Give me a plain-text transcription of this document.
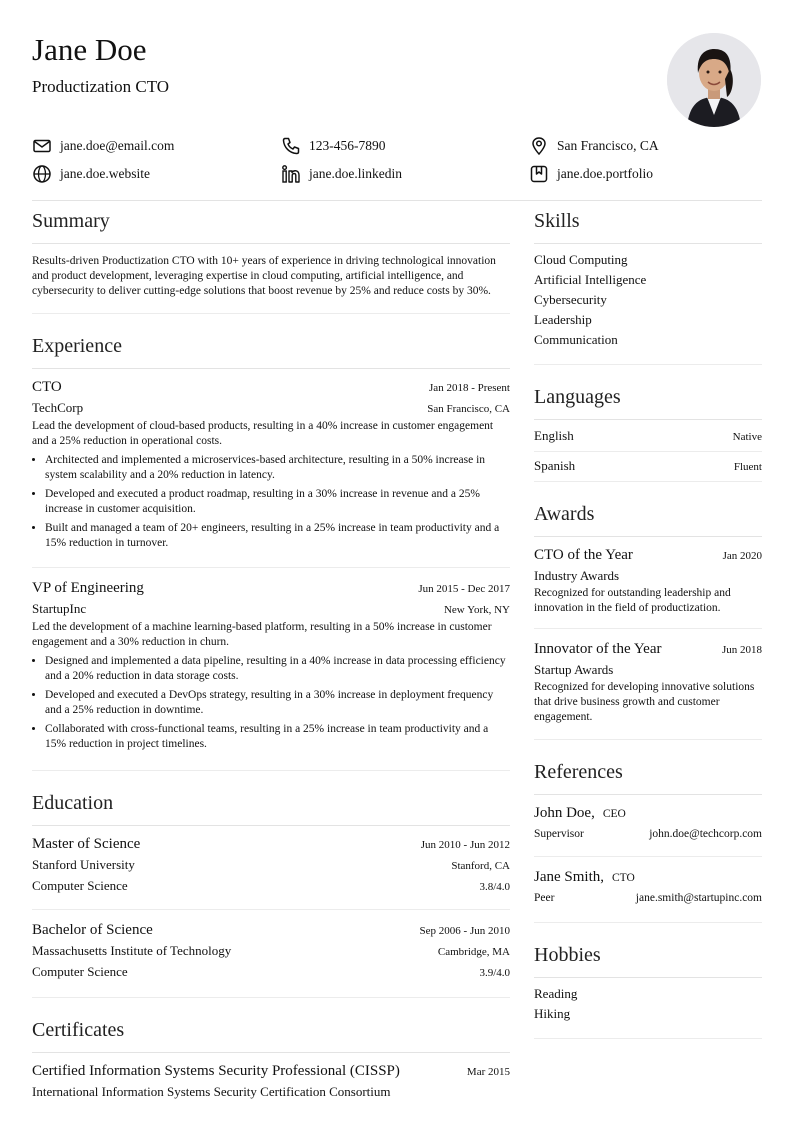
Jane Doe
Productization CTO
jane.doe@email.com	123-456-7890	San Francisco, CA
jane.doe.website	jane.doe.linkedin	jane.doe.portfolio
Summary
Results-driven Productization CTO with 10+ years of experience in driving technological innovation and product development, leveraging expertise in cloud computing, artificial intelligence, and cybersecurity to deliver cutting-edge solutions that boost revenue by 25% and reduce costs by 30%.
Experience
CTO	Jan 2018 - Present
TechCorp	San Francisco, CA
Lead the development of cloud-based products, resulting in a 40% increase in customer engagement and a 25% reduction in operational costs.
• Architected and implemented a microservices-based architecture, resulting in a 50% increase in system scalability and a 20% reduction in latency.
• Developed and executed a product roadmap, resulting in a 30% increase in revenue and a 25% increase in customer acquisition.
• Built and managed a team of 20+ engineers, resulting in a 25% increase in team productivity and a 15% reduction in turnover.
VP of Engineering	Jun 2015 - Dec 2017
StartupInc	New York, NY
Led the development of a machine learning-based platform, resulting in a 50% increase in customer engagement and a 30% reduction in churn.
• Designed and implemented a data pipeline, resulting in a 40% increase in data processing efficiency and a 20% reduction in data storage costs.
• Developed and executed a DevOps strategy, resulting in a 30% increase in deployment frequency and a 25% reduction in downtime.
• Collaborated with cross-functional teams, resulting in a 25% increase in team productivity and a 15% reduction in project timelines.
Education
Master of Science	Jun 2010 - Jun 2012
Stanford University	Stanford, CA
Computer Science	3.8/4.0
Bachelor of Science	Sep 2006 - Jun 2010
Massachusetts Institute of Technology	Cambridge, MA
Computer Science	3.9/4.0
Certificates
Certified Information Systems Security Professional (CISSP)	Mar 2015
International Information Systems Security Certification Consortium
Skills
Cloud Computing
Artificial Intelligence
Cybersecurity
Leadership
Communication
Languages
English	Native
Spanish	Fluent
Awards
CTO of the Year	Jan 2020
Industry Awards
Recognized for outstanding leadership and innovation in the field of productization.
Innovator of the Year	Jun 2018
Startup Awards
Recognized for developing innovative solutions that drive business growth and customer engagement.
References
John Doe, CEO
Supervisor	john.doe@techcorp.com
Jane Smith, CTO
Peer	jane.smith@startupinc.com
Hobbies
Reading
Hiking
